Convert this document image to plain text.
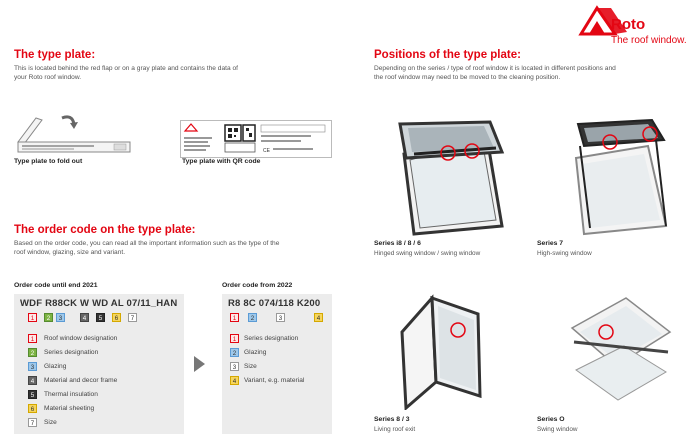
Roto
The roof window.
The type plate:
This is located behind the red flap or on a gray plate and contains the data of
your Roto roof window.
Type plate to fold out
CE
Type plate with QR code
Positions of the type plate:
Depending on the series / type of roof window it is located in different positions and
the roof window may need to be moved to the cleaning position.
The order code on the type plate:
Based on the order code, you can read all the important information such as the type of the
roof window, glazing, size and variant.
Order code until end 2021
WDF R88CK W WD AL 07/11_HAN
1	2	3	4	5	6	7
1	Roof window designation
2	Series designation
3	Glazing
4	Material and decor frame
5	Thermal insulation
6	Material sheeting
7	Size
Order code from 2022
R8 8C 074/118 K200
1	2	3	4
1	Series designation
2	Glazing
3	Size
4	Variant, e.g. material
Series i8 / 8 / 6
Hinged swing window / swing window
Series 7
High-swing window
Series 8 / 3
Living roof exit
Series O
Swing window
